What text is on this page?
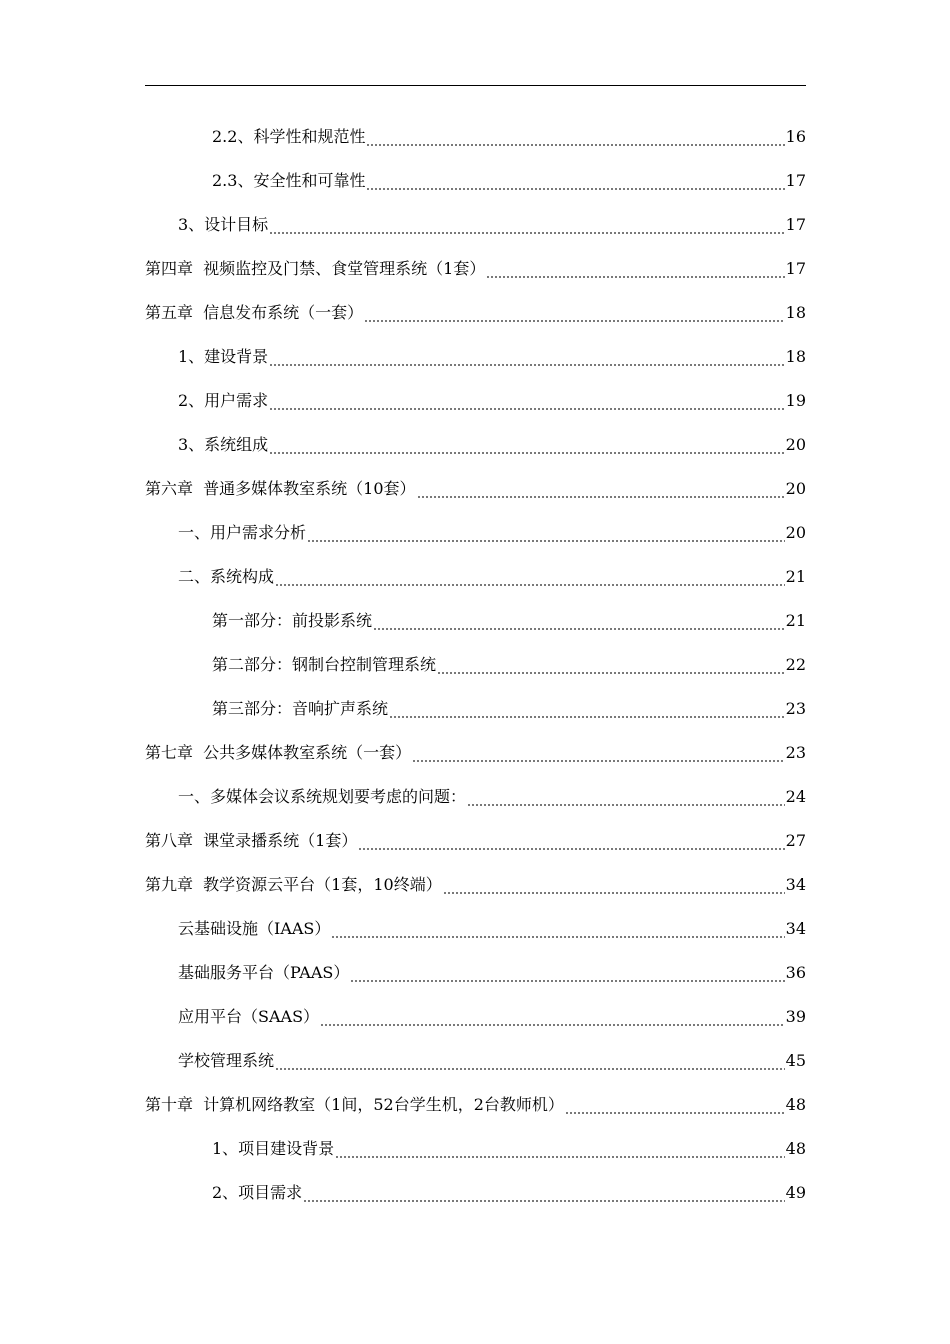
2.2、科学性和规范性	16
2.3、安全性和可靠性	17
3、设计目标	17
第四章  视频监控及门禁、食堂管理系统（1套）	17
第五章  信息发布系统（一套）	18
1、建设背景	18
2、用户需求	19
3、系统组成	20
第六章  普通多媒体教室系统（10套）	20
一、用户需求分析	20
二、系统构成	21
第一部分：前投影系统	21
第二部分：钢制台控制管理系统	22
第三部分：音响扩声系统	23
第七章  公共多媒体教室系统（一套）	23
一、多媒体会议系统规划要考虑的问题：	24
第八章  课堂录播系统（1套）	27
第九章  教学资源云平台（1套，10终端）	34
云基础设施（IAAS）	34
基础服务平台（PAAS）	36
应用平台（SAAS）	39
学校管理系统	45
第十章  计算机网络教室（1间，52台学生机，2台教师机）	48
1、项目建设背景	48
2、项目需求	49
